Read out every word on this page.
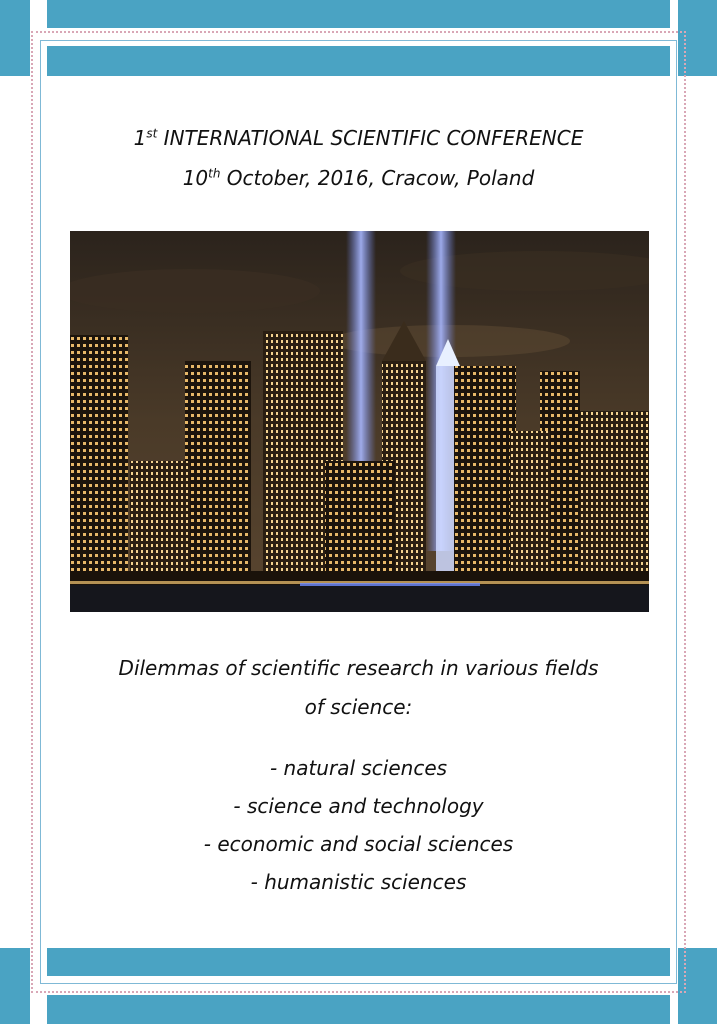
1st INTERNATIONAL SCIENTIFIC CONFERENCE
10th October, 2016, Cracow, Poland
Dilemmas of scientific research in various fields
of science:
- natural sciences
- science and technology
- economic and social sciences
- humanistic sciences
